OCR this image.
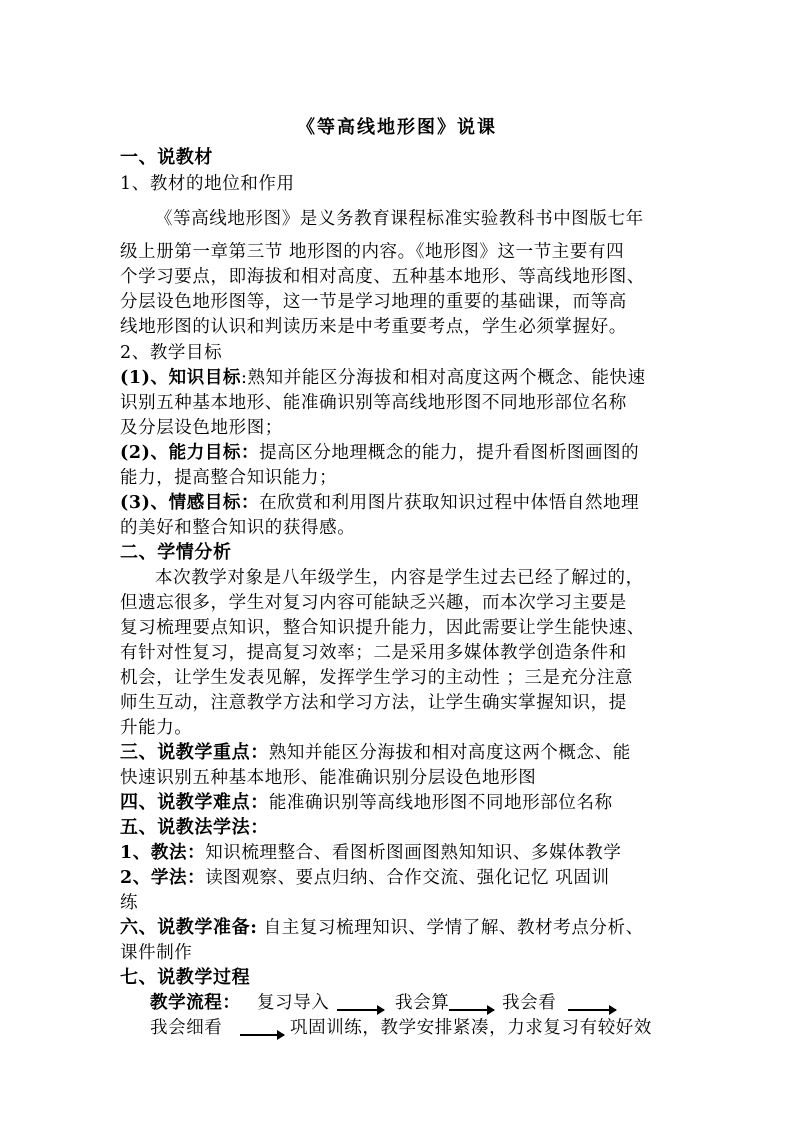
《等高线地形图》说课
一、说教材
1、教材的地位和作用
《等高线地形图》是义务教育课程标准实验教科书中图版七年
级上册第一章第三节 地形图的内容。《地形图》这一节主要有四
个学习要点，即海拔和相对高度、五种基本地形、等高线地形图、
分层设色地形图等，这一节是学习地理的重要的基础课，而等高
线地形图的认识和判读历来是中考重要考点，学生必须掌握好。
2、教学目标
(1)、知识目标:熟知并能区分海拔和相对高度这两个概念、能快速
识别五种基本地形、能准确识别等高线地形图不同地形部位名称
及分层设色地形图；
(2)、能力目标：提高区分地理概念的能力，提升看图析图画图的
能力，提高整合知识能力；
(3)、情感目标：在欣赏和利用图片获取知识过程中体悟自然地理
的美好和整合知识的获得感。
二、学情分析
本次教学对象是八年级学生，内容是学生过去已经了解过的，
但遗忘很多，学生对复习内容可能缺乏兴趣，而本次学习主要是
复习梳理要点知识，整合知识提升能力，因此需要让学生能快速、
有针对性复习，提高复习效率；二是采用多媒体教学创造条件和
机会，让学生发表见解，发挥学生学习的主动性 ；三是充分注意
师生互动，注意教学方法和学习方法，让学生确实掌握知识，提
升能力。
三、说教学重点：熟知并能区分海拔和相对高度这两个概念、能
快速识别五种基本地形、能准确识别分层设色地形图
四、说教学难点：能准确识别等高线地形图不同地形部位名称
五、说教法学法：
1、教法：知识梳理整合、看图析图画图熟知知识、多媒体教学
2、学法：读图观察、要点归纳、合作交流、强化记忆 巩固训
练
六、说教学准备: 自主复习梳理知识、学情了解、教材考点分析、
课件制作
七、说教学过程
教学流程： 复习导入	我会算	我会看
我会细看	巩固训练，教学安排紧凑，力求复习有较好效
